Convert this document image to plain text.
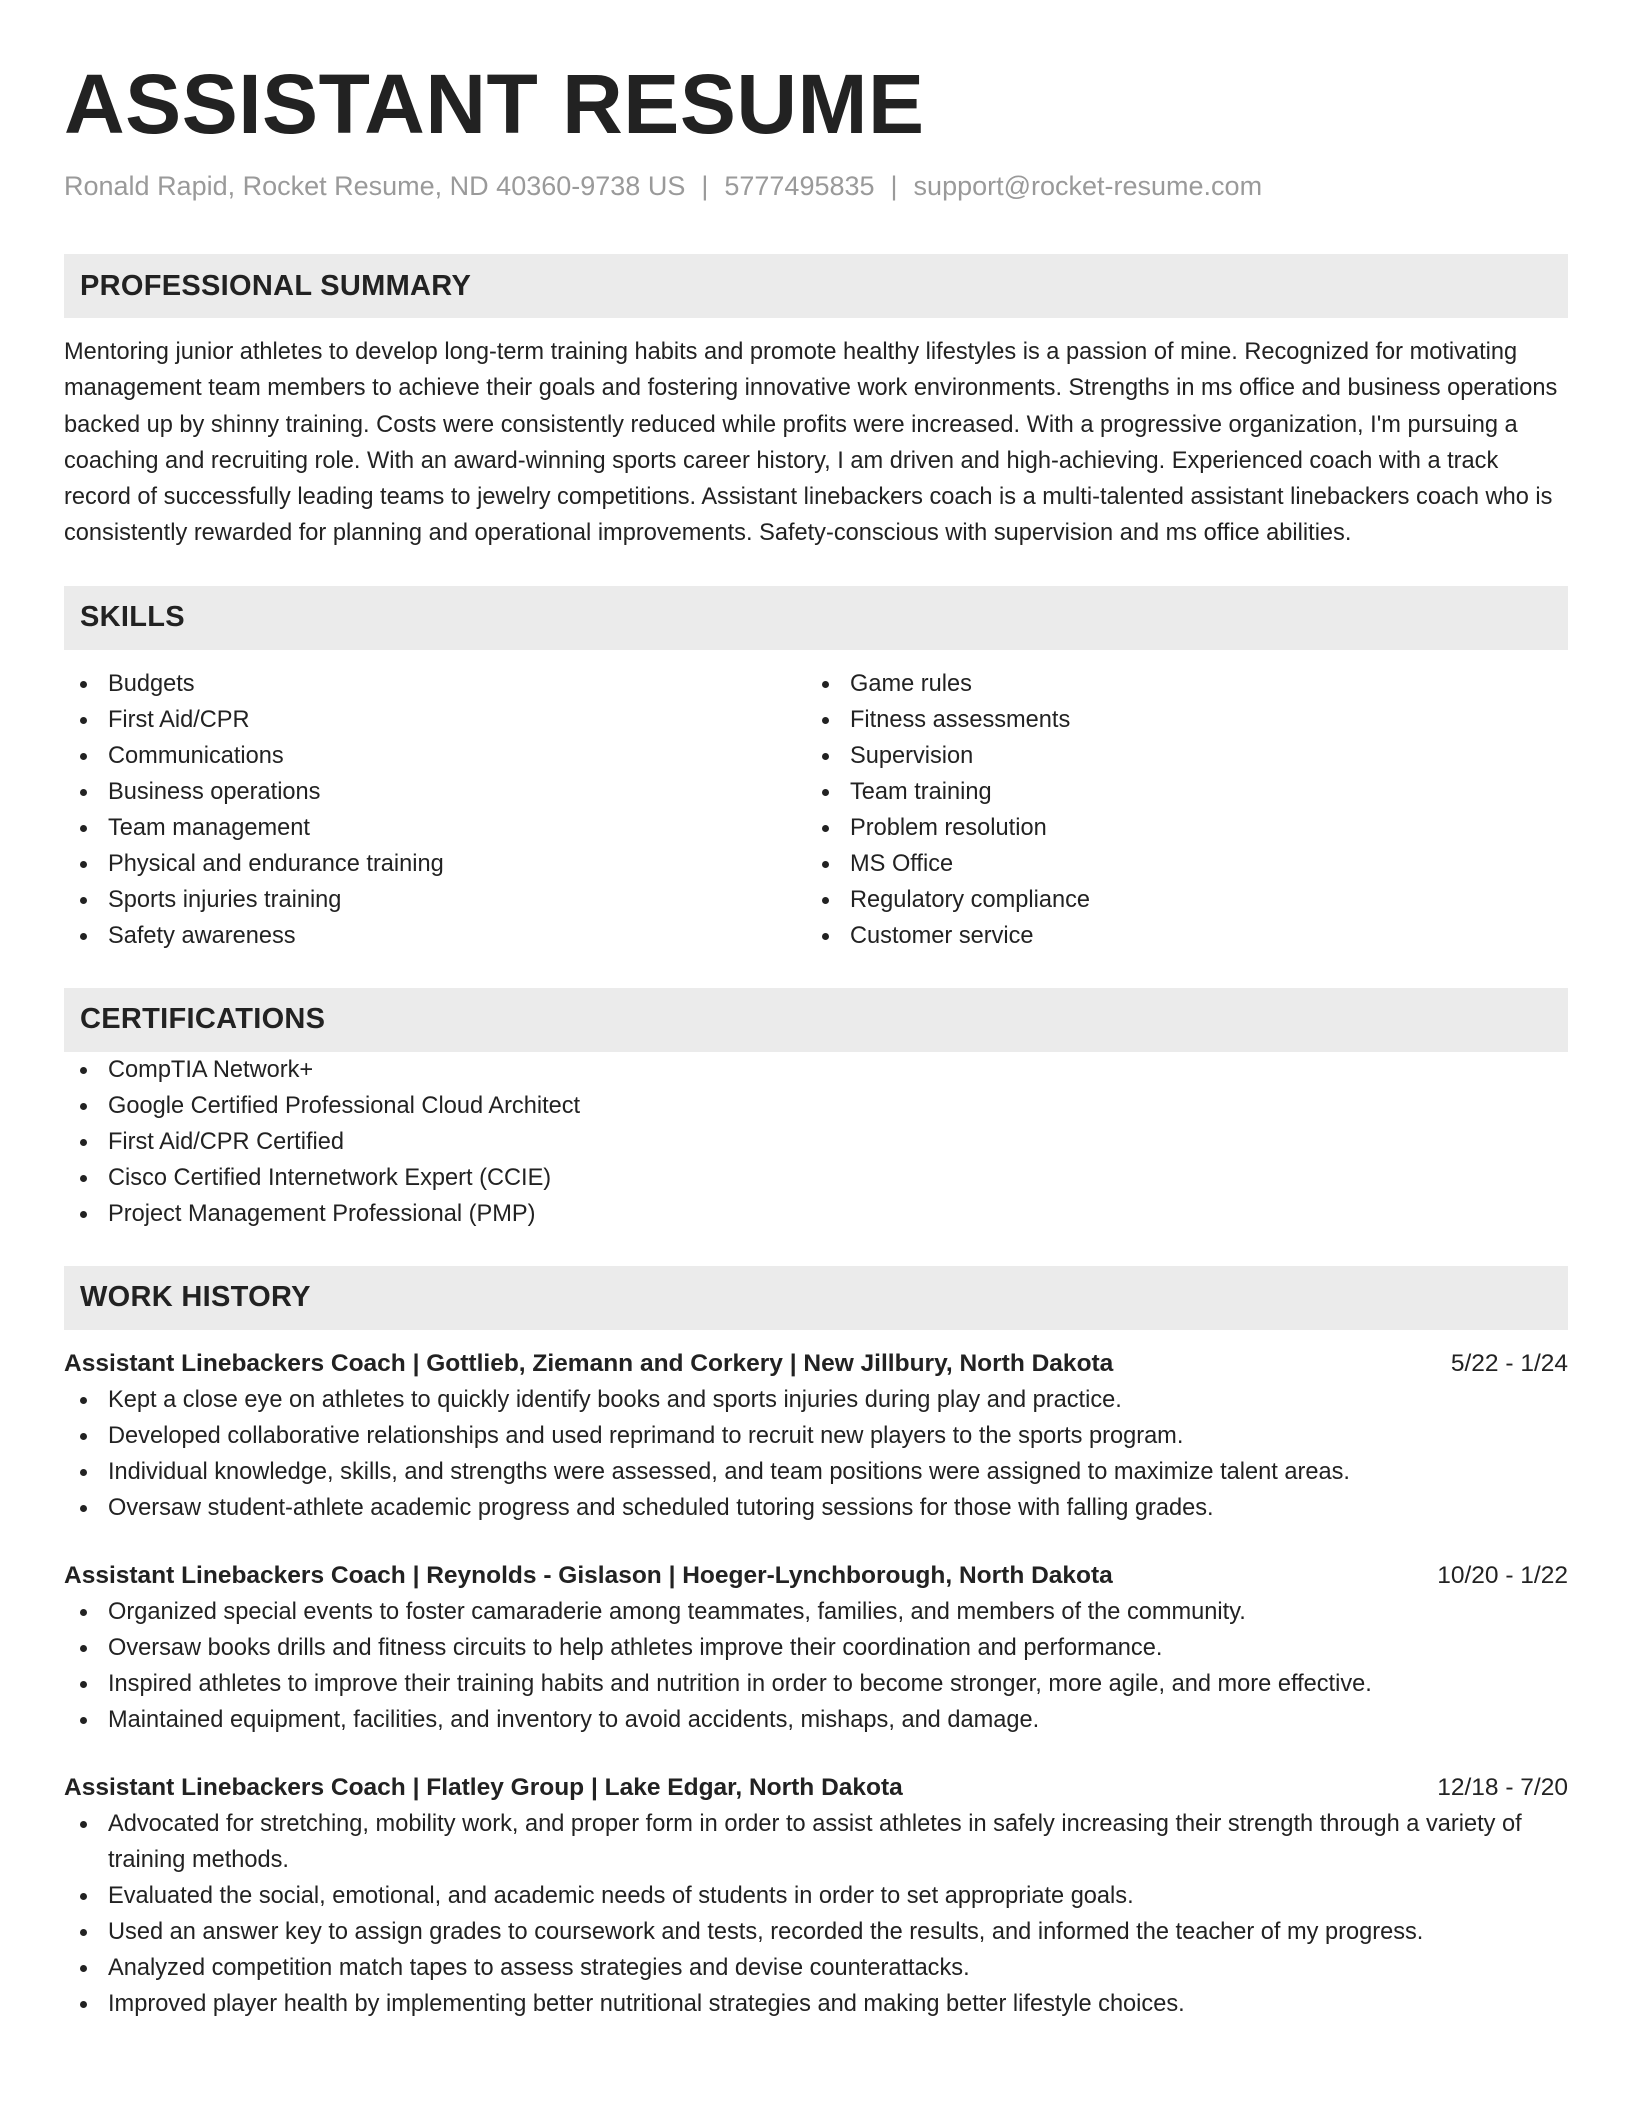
ASSISTANT RESUME
Ronald Rapid, Rocket Resume, ND 40360-9738 US | 5777495835 | support@rocket-resume.com
PROFESSIONAL SUMMARY

Mentoring junior athletes to develop long-term training habits and promote healthy lifestyles is a passion of mine. Recognized for motivating management team members to achieve their goals and fostering innovative work environments. Strengths in ms office and business operations backed up by shinny training. Costs were consistently reduced while profits were increased. With a progressive organization, I'm pursuing a coaching and recruiting role. With an award-winning sports career history, I am driven and high-achieving. Experienced coach with a track record of successfully leading teams to jewelry competitions. Assistant linebackers coach is a multi-talented assistant linebackers coach who is consistently rewarded for planning and operational improvements. Safety-conscious with supervision and ms office abilities.

SKILLS
Budgets
First Aid/CPR
Communications
Business operations
Team management
Physical and endurance training
Sports injuries training
Safety awareness
Game rules
Fitness assessments
Supervision
Team training
Problem resolution
MS Office
Regulatory compliance
Customer service
CERTIFICATIONS
CompTIA Network+
Google Certified Professional Cloud Architect
First Aid/CPR Certified
Cisco Certified Internetwork Expert (CCIE)
Project Management Professional (PMP)
WORK HISTORY
Assistant Linebackers Coach | Gottlieb, Ziemann and Corkery | New Jillbury, North Dakota	5/22 - 1/24
Kept a close eye on athletes to quickly identify books and sports injuries during play and practice.
Developed collaborative relationships and used reprimand to recruit new players to the sports program.
Individual knowledge, skills, and strengths were assessed, and team positions were assigned to maximize talent areas.
Oversaw student-athlete academic progress and scheduled tutoring sessions for those with falling grades.
Assistant Linebackers Coach | Reynolds - Gislason | Hoeger-Lynchborough, North Dakota	10/20 - 1/22
Organized special events to foster camaraderie among teammates, families, and members of the community.
Oversaw books drills and fitness circuits to help athletes improve their coordination and performance.
Inspired athletes to improve their training habits and nutrition in order to become stronger, more agile, and more effective.
Maintained equipment, facilities, and inventory to avoid accidents, mishaps, and damage.
Assistant Linebackers Coach | Flatley Group | Lake Edgar, North Dakota	12/18 - 7/20
Advocated for stretching, mobility work, and proper form in order to assist athletes in safely increasing their strength through a variety of training methods.
Evaluated the social, emotional, and academic needs of students in order to set appropriate goals.
Used an answer key to assign grades to coursework and tests, recorded the results, and informed the teacher of my progress.
Analyzed competition match tapes to assess strategies and devise counterattacks.
Improved player health by implementing better nutritional strategies and making better lifestyle choices.
